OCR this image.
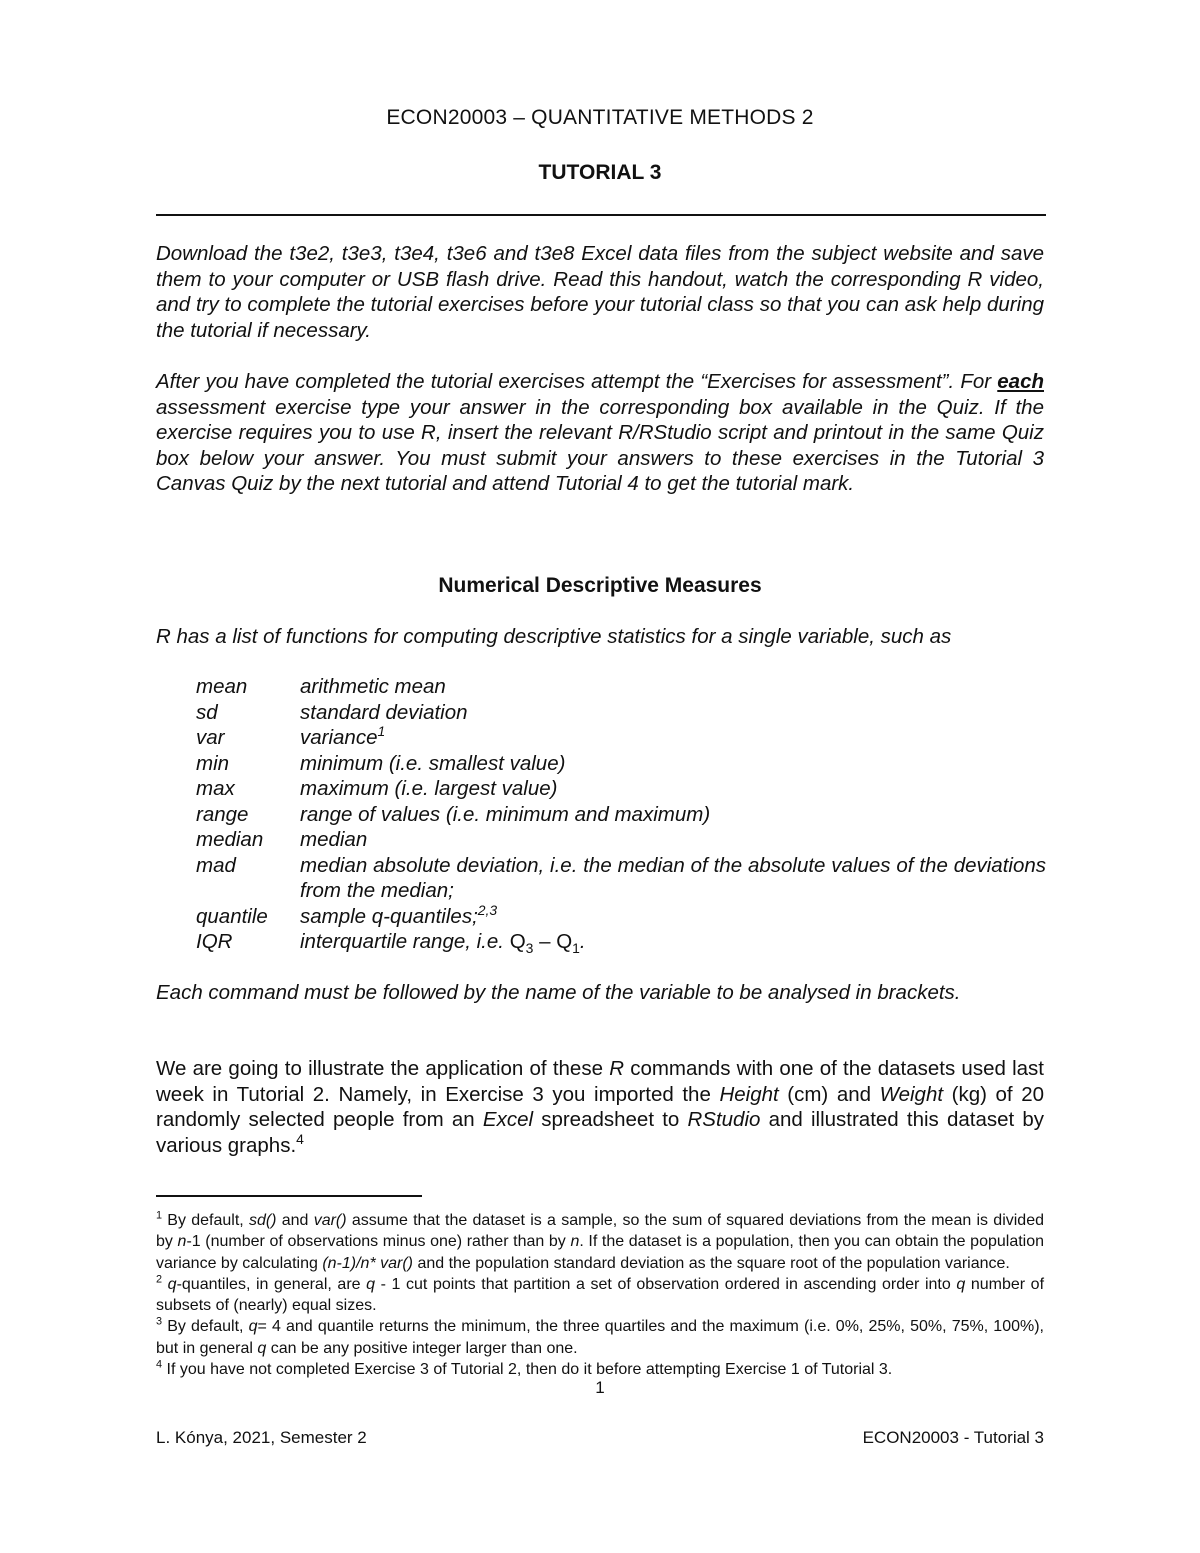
ECON20003 – QUANTITATIVE METHODS 2
TUTORIAL 3
Download the t3e2, t3e3, t3e4, t3e6 and t3e8 Excel data files from the subject website and save them to your computer or USB flash drive. Read this handout, watch the corresponding R video, and try to complete the tutorial exercises before your tutorial class so that you can ask help during the tutorial if necessary.
After you have completed the tutorial exercises attempt the “Exercises for assessment”. For each assessment exercise type your answer in the corresponding box available in the Quiz. If the exercise requires you to use R, insert the relevant R/RStudio script and printout in the same Quiz box below your answer. You must submit your answers to these exercises in the Tutorial 3 Canvas Quiz by the next tutorial and attend Tutorial 4 to get the tutorial mark.
Numerical Descriptive Measures
R has a list of functions for computing descriptive statistics for a single variable, such as
mean	arithmetic mean
sd	standard deviation
var	variance$^1$
min	minimum (i.e. smallest value)
max	maximum (i.e. largest value)
range	range of values (i.e. minimum and maximum)
median	median
mad	median absolute deviation, i.e. the median of the absolute values of the deviations from the median;
quantile	sample q-quantiles;$^{2,3}$
IQR	interquartile range, i.e. $Q_3 - Q_1$.
Each command must be followed by the name of the variable to be analysed in brackets.
We are going to illustrate the application of these R commands with one of the datasets used last week in Tutorial 2. Namely, in Exercise 3 you imported the Height (cm) and Weight (kg) of 20 randomly selected people from an Excel spreadsheet to RStudio and illustrated this dataset by various graphs.$^4$

$^1$ By default, sd() and var() assume that the dataset is a sample, so the sum of squared deviations from the mean is divided by n-1 (number of observations minus one) rather than by n. If the dataset is a population, then you can obtain the population variance by calculating (n-1)/n* var() and the population standard deviation as the square root of the population variance.

$^2$ q-quantiles, in general, are q - 1 cut points that partition a set of observation ordered in ascending order into q number of subsets of (nearly) equal sizes.

$^3$ By default, q= 4 and quantile returns the minimum, the three quartiles and the maximum (i.e. 0%, 25%, 50%, 75%, 100%), but in general q can be any positive integer larger than one.

$^4$ If you have not completed Exercise 3 of Tutorial 2, then do it before attempting Exercise 1 of Tutorial 3.

1
L. Kónya, 2021, Semester 2	ECON20003 - Tutorial 3
